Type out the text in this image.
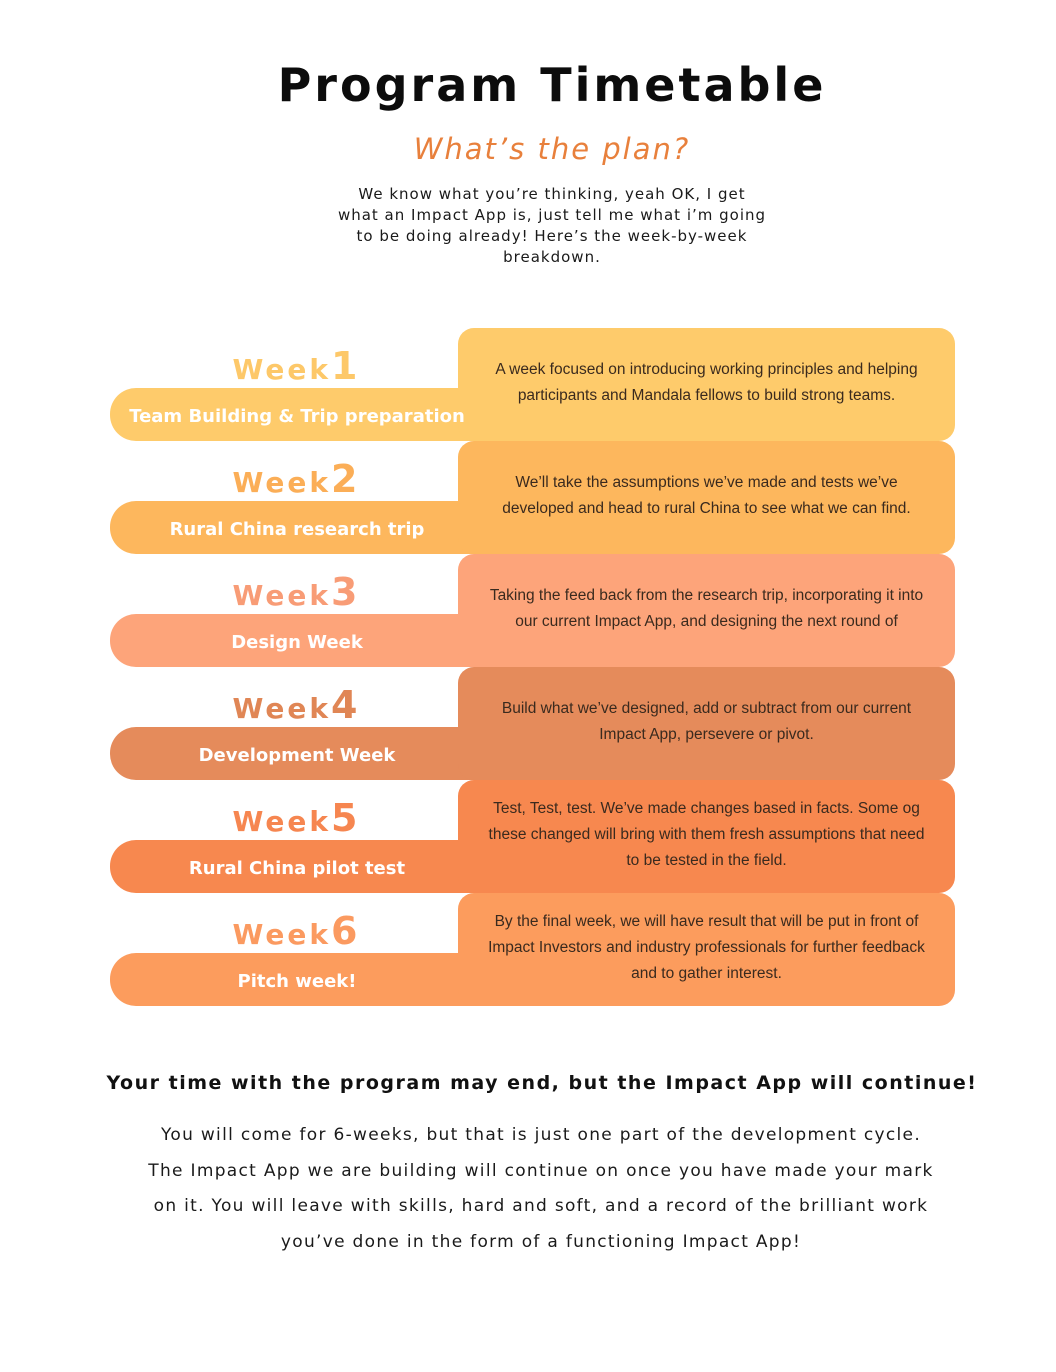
Program Timetable
What’s the plan?

We know what you’re thinking, yeah OK, I get what an Impact App is, just tell me what i’m going to be doing already! Here’s the week-by-week breakdown.

A week focused on introducing working principles and helping participants and Mandala fellows to build strong teams.
Week1
Team Building & Trip preparation
We’ll take the assumptions we’ve made and tests we’ve developed and head to rural China to see what we can find.
Week2
Rural China research trip
Taking the feed back from the research trip, incorporating it into our current Impact App, and designing the next round of
Week3
Design Week
Build what we’ve designed, add or subtract from our current Impact App, persevere or pivot.
Week4
Development Week
Test, Test, test. We’ve made changes based in facts. Some og these changed will bring with them fresh assumptions that need to be tested in the field.
Week5
Rural China pilot test
By the final week, we will have result that will be put in front of Impact Investors and industry professionals for further feedback and to gather interest.
Week6
Pitch week!
Your time with the program may end, but the Impact App will continue!

You will come for 6-weeks, but that is just one part of the development cycle. The Impact App we are building will continue on once you have made your mark on it. You will leave with skills, hard and soft, and a record of the brilliant work you’ve done in the form of a functioning Impact App!
